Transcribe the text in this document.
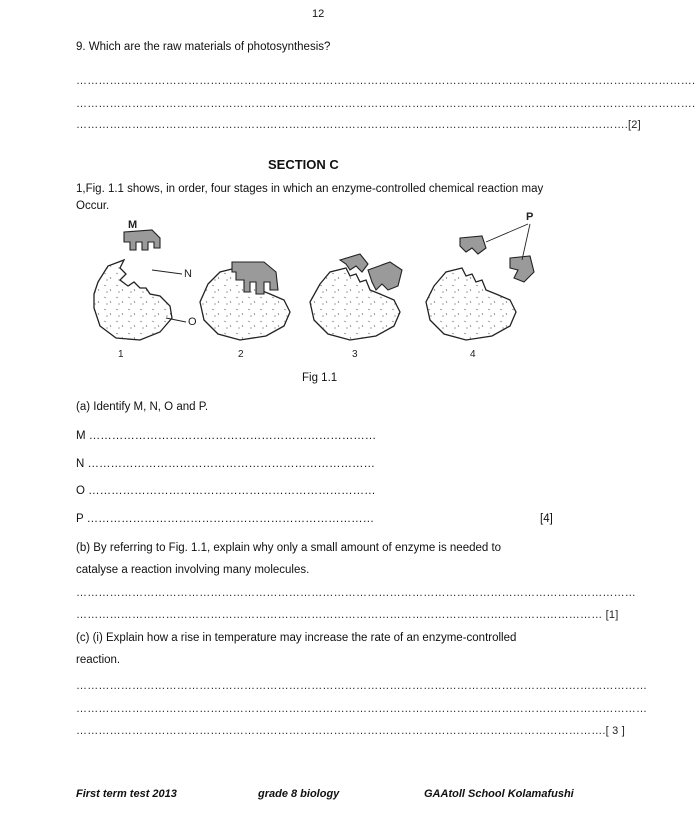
12
9. Which are the raw materials of photosynthesis?
………………………………………………………………………………………………………………………………………………….
………………………………………………………………………………………………………………………………………………….
………………………………………………………………………………………………………………………………….[2]
SECTION C
1,Fig. 1.1 shows, in order, four stages in which an enzyme-controlled chemical reaction may
Occur.
M
N
O
1	2	3
P
4
Fig 1.1
(a) Identify M, N, O and P.
M …………………………………………………………………
N …………………………………………………………………
O …………………………………………………………………
P …………………………………………………………………	[4]
(b) By referring to Fig. 1.1, explain why only a small amount of enzyme is needed to
catalyse a reaction involving many molecules.
……………………………………………………………………………………………………………………………………
…………………………………………………………………………………………………………………………… [1]
(c) (i) Explain how a rise in temperature may increase the rate of an enzyme-controlled
reaction.
………………………………………………………………………………………………………………………………………
………………………………………………………………………………………………………………………………………
…………………………………………………………………………………………………………………………….[ 3 ]
First term test 2013	grade 8 biology	GAAtoll School Kolamafushi
